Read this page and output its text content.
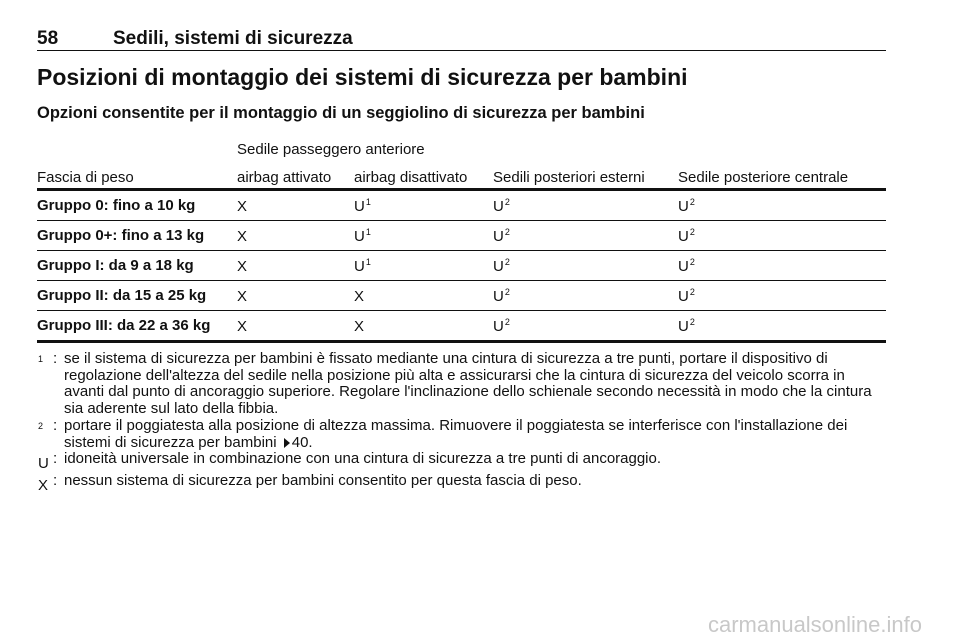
58	Sedili, sistemi di sicurezza
Posizioni di montaggio dei sistemi di sicurezza per bambini
Opzioni consentite per il montaggio di un seggiolino di sicurezza per bambini
	Sedile passeggero anteriore			
Fascia di peso	airbag attivato	airbag disattivato	Sedili posteriori esterni	Sedile posteriore centrale
Gruppo 0: fino a 10 kg	X	$U^1$	$U^2$	$U^2$
Gruppo 0+: fino a 13 kg	X	$U^1$	$U^2$	$U^2$
Gruppo I: da 9 a 18 kg	X	$U^1$	$U^2$	$U^2$
Gruppo II: da 15 a 25 kg	X	X	$U^2$	$U^2$
Gruppo III: da 22 a 36 kg	X	X	$U^2$	$U^2$
$^1$ : se il sistema di sicurezza per bambini è fissato mediante una cintura di sicurezza a tre punti, portare il dispositivo di regolazione dell'altezza del sedile nella posizione più alta e assicurarsi che la cintura di sicurezza del veicolo scorra in avanti dal punto di ancoraggio superiore. Regolare l'inclinazione dello schienale secondo necessità in modo che la cintura sia aderente sul lato della fibbia.
$^2$ : portare il poggiatesta alla posizione di altezza massima. Rimuovere il poggiatesta se interferisce con l'installazione dei sistemi di sicurezza per bambini 40.
U : idoneità universale in combinazione con una cintura di sicurezza a tre punti di ancoraggio.
X : nessun sistema di sicurezza per bambini consentito per questa fascia di peso.
carmanualsonline.info
